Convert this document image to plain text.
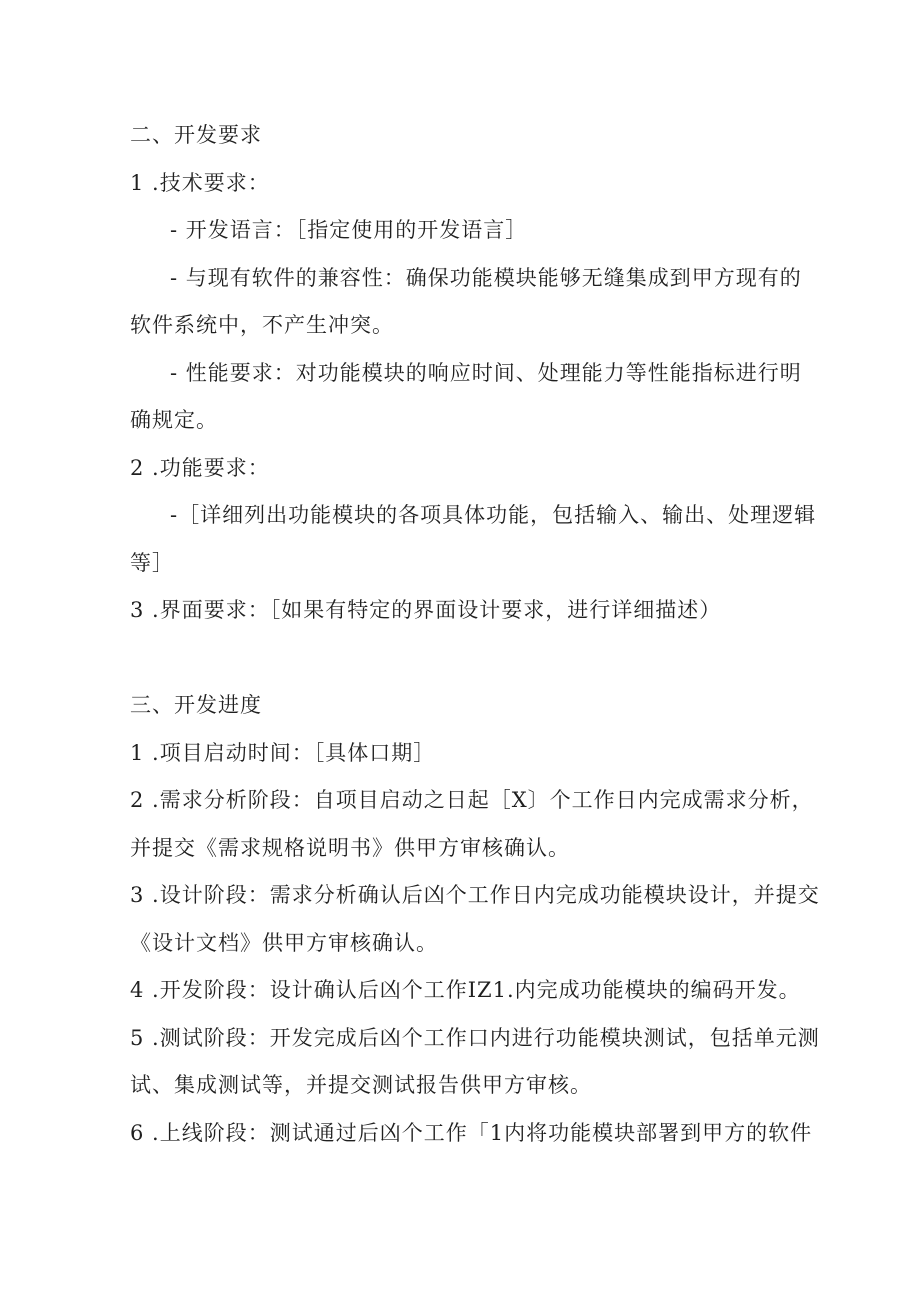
二、开发要求
1 .技术要求：
- 开发语言：［指定使用的开发语言］
- 与现有软件的兼容性：确保功能模块能够无缝集成到甲方现有的
软件系统中，不产生冲突。
- 性能要求：对功能模块的响应时间、处理能力等性能指标进行明
确规定。
2 .功能要求：
-［详细列出功能模块的各项具体功能，包括输入、输出、处理逻辑
等］
3 .界面要求：［如果有特定的界面设计要求，进行详细描述）
三、开发进度
1 .项目启动时间：［具体口期］
2 .需求分析阶段：自项目启动之日起［X〕个工作日内完成需求分析，
并提交《需求规格说明书》供甲方审核确认。
3 .设计阶段：需求分析确认后凶个工作日内完成功能模块设计，并提交
《设计文档》供甲方审核确认。
4 .开发阶段：设计确认后凶个工作IZ1.内完成功能模块的编码开发。
5 .测试阶段：开发完成后凶个工作口内进行功能模块测试，包括单元测
试、集成测试等，并提交测试报告供甲方审核。
6 .上线阶段：测试通过后凶个工作「1内将功能模块部署到甲方的软件
